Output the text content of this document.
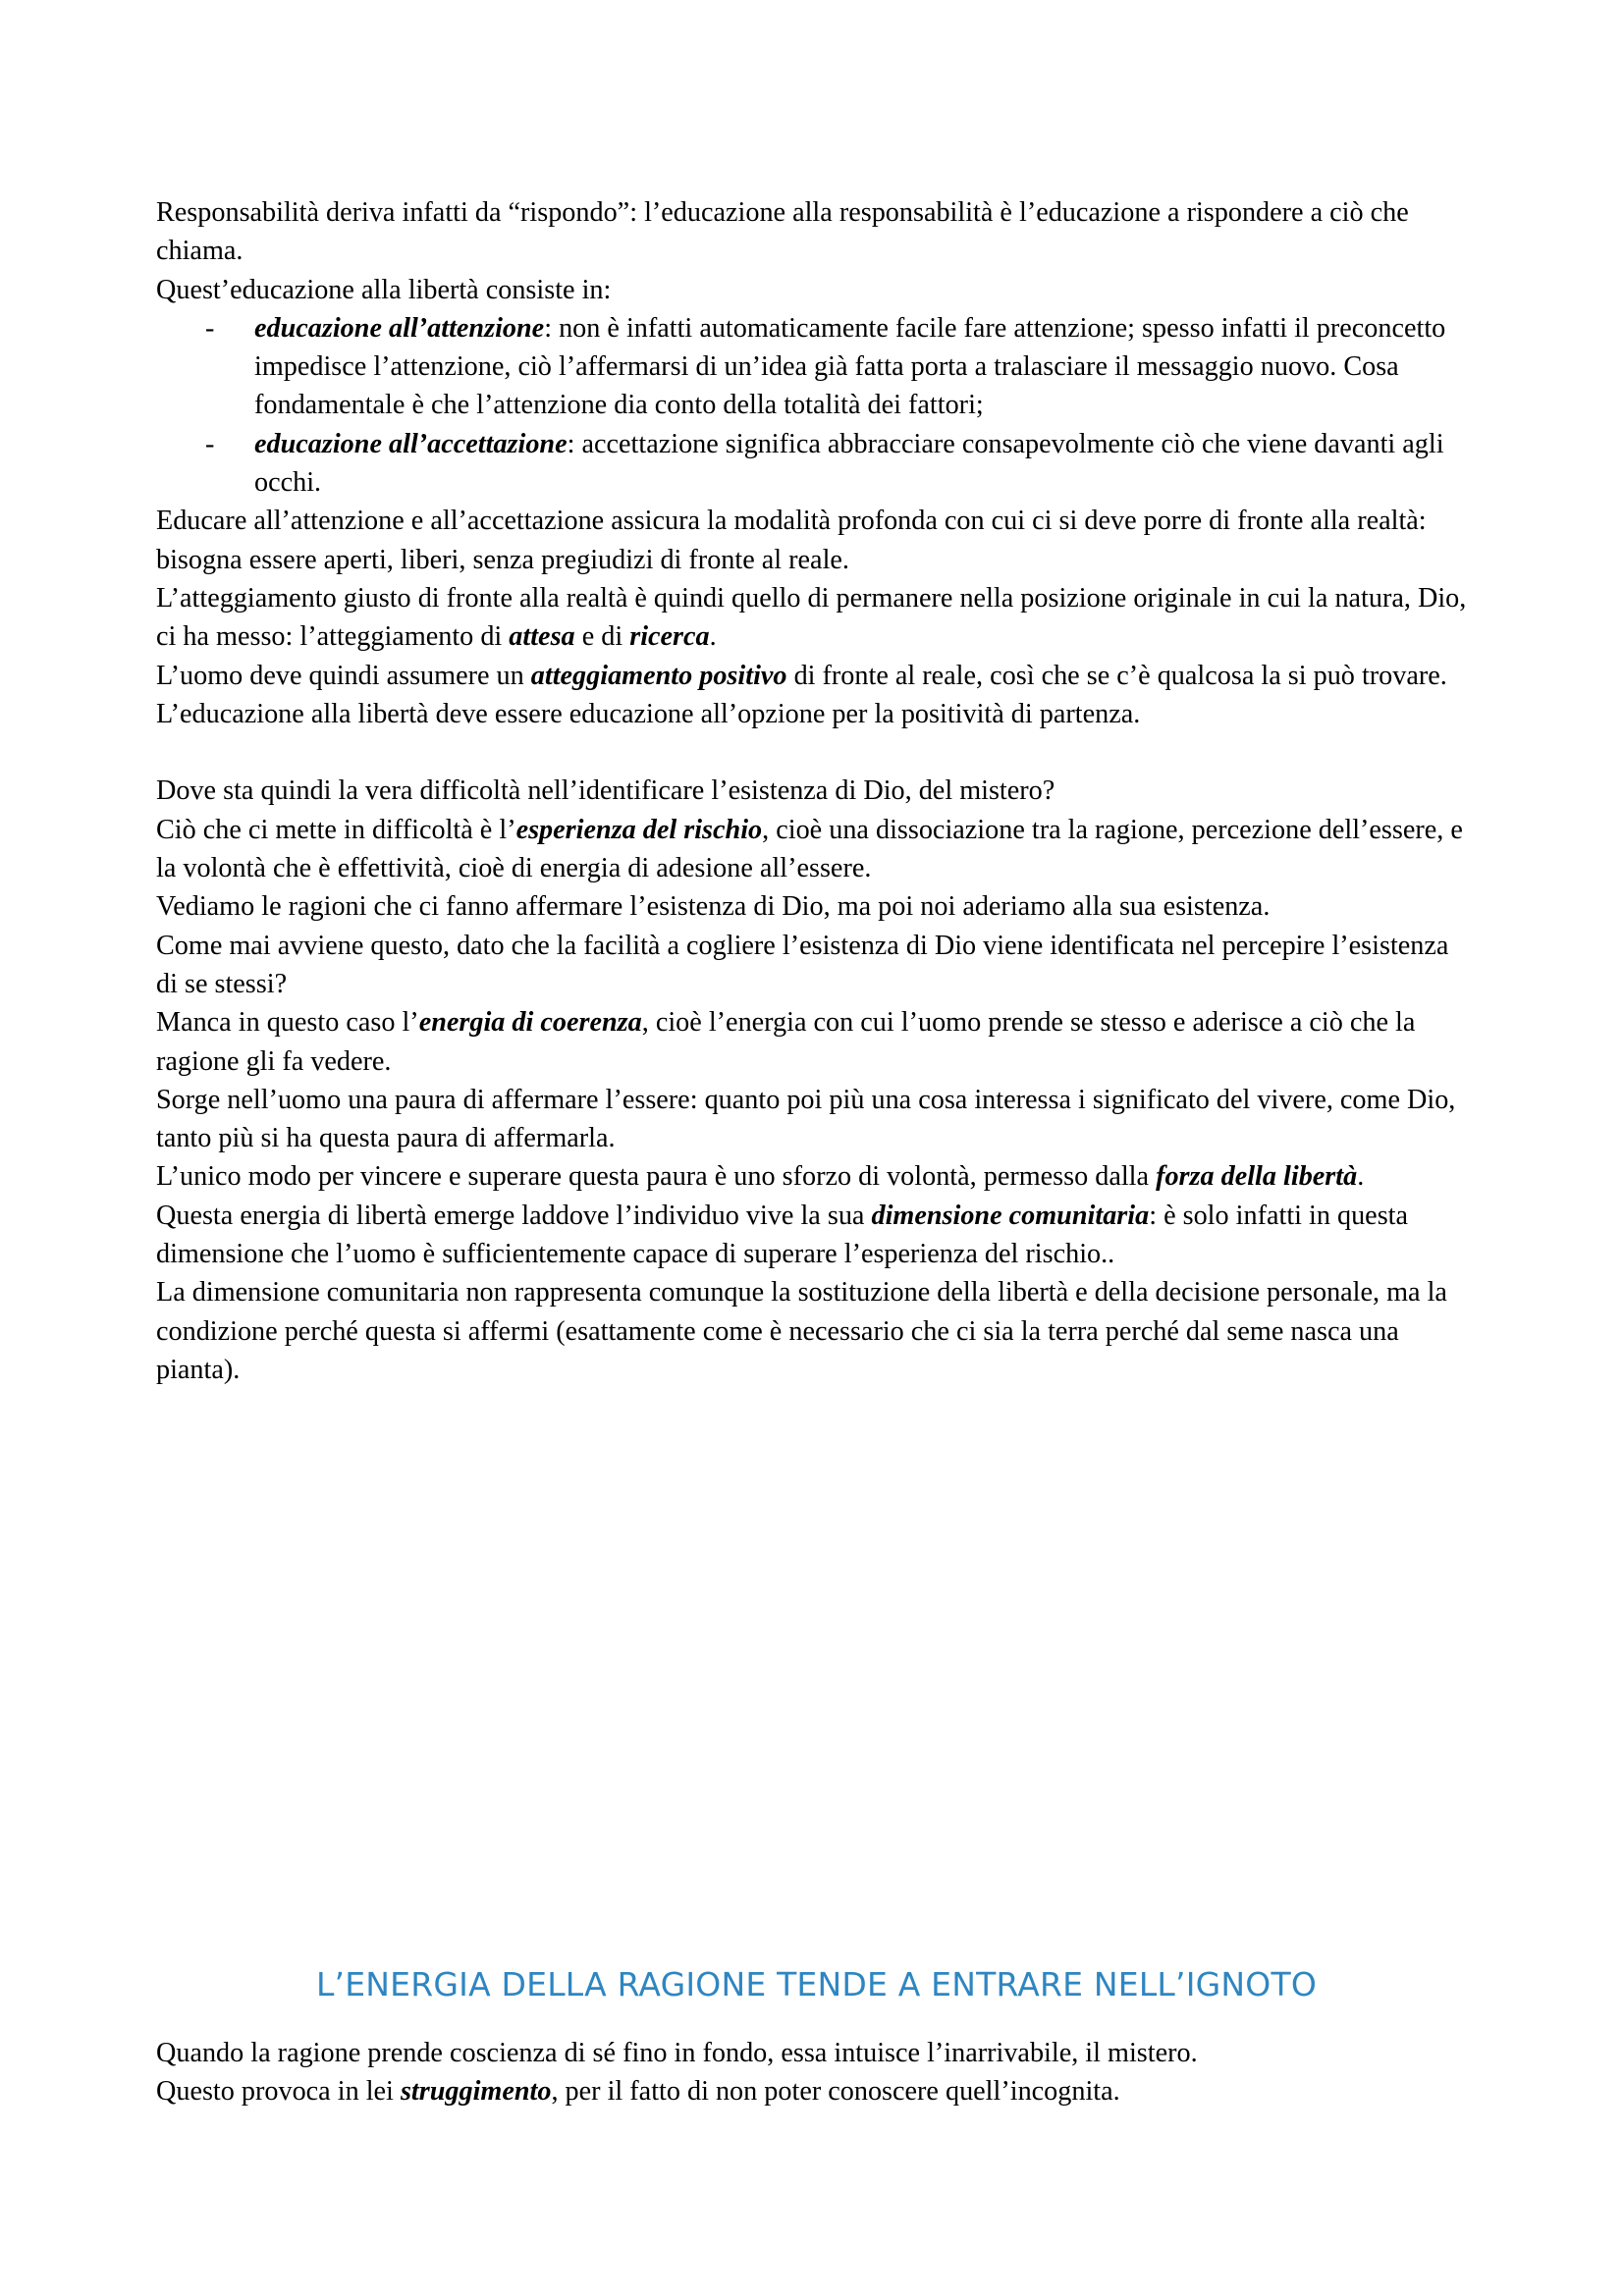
Responsabilità deriva infatti da “rispondo”: l’educazione alla responsabilità è l’educazione a rispondere a ciò che chiama.

Quest’educazione alla libertà consiste in:

- educazione all’attenzione: non è infatti automaticamente facile fare attenzione; spesso infatti il preconcetto impedisce l’attenzione, ciò l’affermarsi di un’idea già fatta porta a tralasciare il messaggio nuovo. Cosa fondamentale è che l’attenzione dia conto della totalità dei fattori;

- educazione all’accettazione: accettazione significa abbracciare consapevolmente ciò che viene davanti agli occhi.

Educare all’attenzione e all’accettazione assicura la modalità profonda con cui ci si deve porre di fronte alla realtà: bisogna essere aperti, liberi, senza pregiudizi di fronte al reale.

L’atteggiamento giusto di fronte alla realtà è quindi quello di permanere nella posizione originale in cui la natura, Dio, ci ha messo: l’atteggiamento di attesa e di ricerca.

L’uomo deve quindi assumere un atteggiamento positivo di fronte al reale, così che se c’è qualcosa la si può trovare.

L’educazione alla libertà deve essere educazione all’opzione per la positività di partenza.

Dove sta quindi la vera difficoltà nell’identificare l’esistenza di Dio, del mistero?

Ciò che ci mette in difficoltà è l’esperienza del rischio, cioè una dissociazione tra la ragione, percezione dell’essere, e la volontà che è effettività, cioè di energia di adesione all’essere.

Vediamo le ragioni che ci fanno affermare l’esistenza di Dio, ma poi noi aderiamo alla sua esistenza.

Come mai avviene questo, dato che la facilità a cogliere l’esistenza di Dio viene identificata nel percepire l’esistenza di se stessi?

Manca in questo caso l’energia di coerenza, cioè l’energia con cui l’uomo prende se stesso e aderisce a ciò che la ragione gli fa vedere.

Sorge nell’uomo una paura di affermare l’essere: quanto poi più una cosa interessa i significato del vivere, come Dio, tanto più si ha questa paura di affermarla.

L’unico modo per vincere e superare questa paura è uno sforzo di volontà, permesso dalla forza della libertà.

Questa energia di libertà emerge laddove l’individuo vive la sua dimensione comunitaria: è solo infatti in questa dimensione che l’uomo è sufficientemente capace di superare l’esperienza del rischio..

La dimensione comunitaria non rappresenta comunque la sostituzione della libertà e della decisione personale, ma la condizione perché questa si affermi (esattamente come è necessario che ci sia la terra perché dal seme nasca una pianta).

L’ENERGIA DELLA RAGIONE TENDE A ENTRARE NELL’IGNOTO

Quando la ragione prende coscienza di sé fino in fondo, essa intuisce l’inarrivabile, il mistero.

Questo provoca in lei struggimento, per il fatto di non poter conoscere quell’incognita.
